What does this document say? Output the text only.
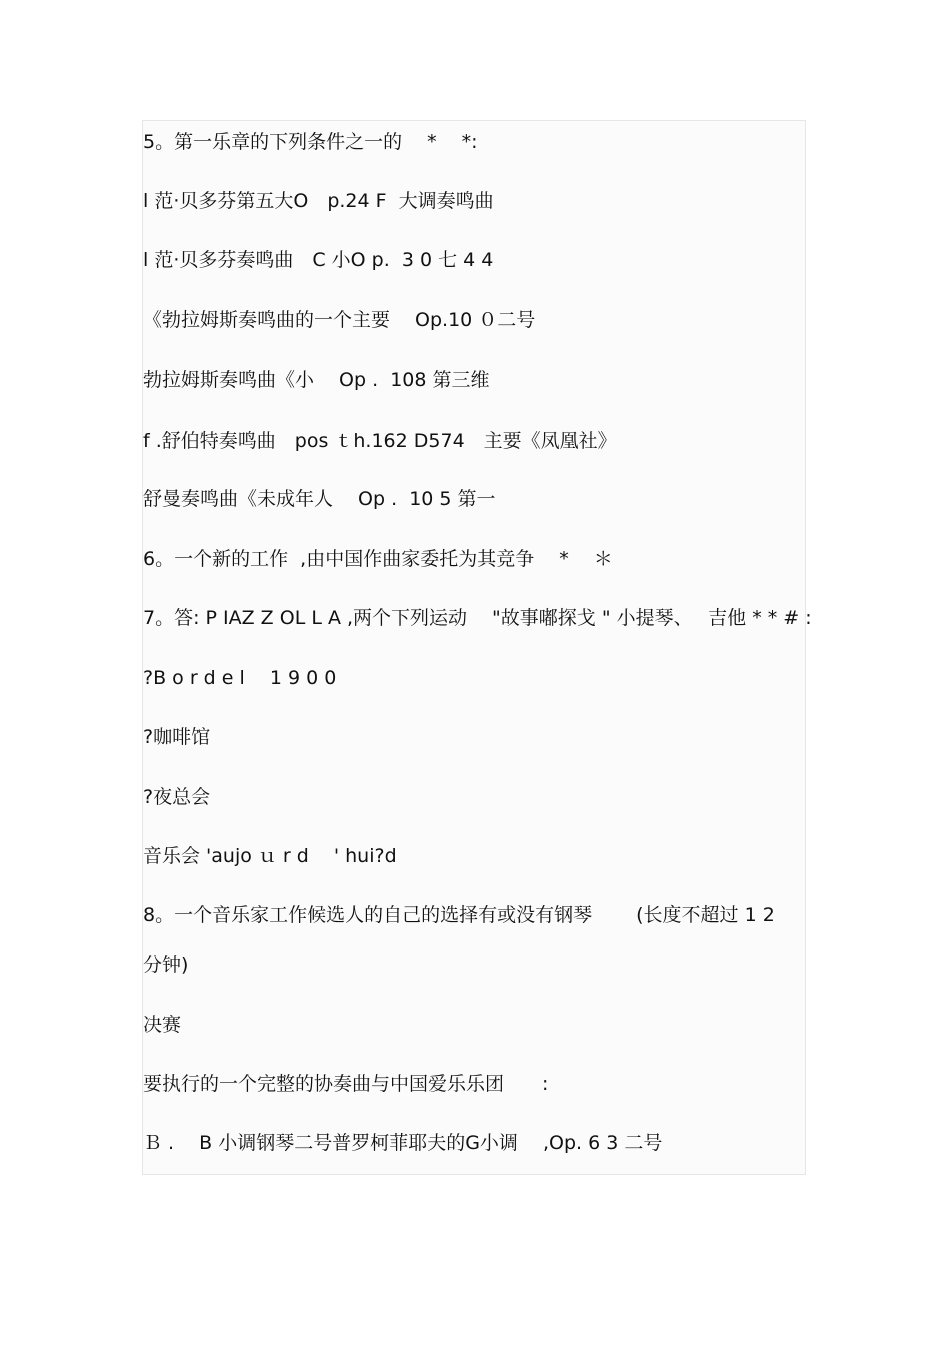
5。第一乐章的下列条件之一的　 *　 *:
l 范·贝多芬第五大O　p.24 F  大调奏鸣曲
l 范·贝多芬奏鸣曲　C 小O p.  3 0 七 4 4
《勃拉姆斯奏鸣曲的一个主要　 Op.10 ０二号
勃拉姆斯奏鸣曲《小　 Op .  108 第三维
f .舒伯特奏鸣曲　pos ｔh.162 D574　主要《凤凰社》
舒曼奏鸣曲《未成年人　 Op .  10 5 第一
6。一个新的工作  ,由中国作曲家委托为其竞争　 *　 ＊
7。答: P IAZ Z OL L A ,两个下列运动　 "故事嘟探戈 " 小提琴、　 吉他 * * # :
?B o r d e l　 1 9 0 0
?咖啡馆
?夜总会
音乐会 'aujo ｕ r d　 ' hui?d
8。一个音乐家工作候选人的自己的选择有或没有钢琴　　 (长度不超过 1 2
分钟)
决赛
要执行的一个完整的协奏曲与中国爱乐乐团　　:
Ｂ .　 B 小调钢琴二号普罗柯菲耶夫的G小调　 ,Op. 6 3 二号
